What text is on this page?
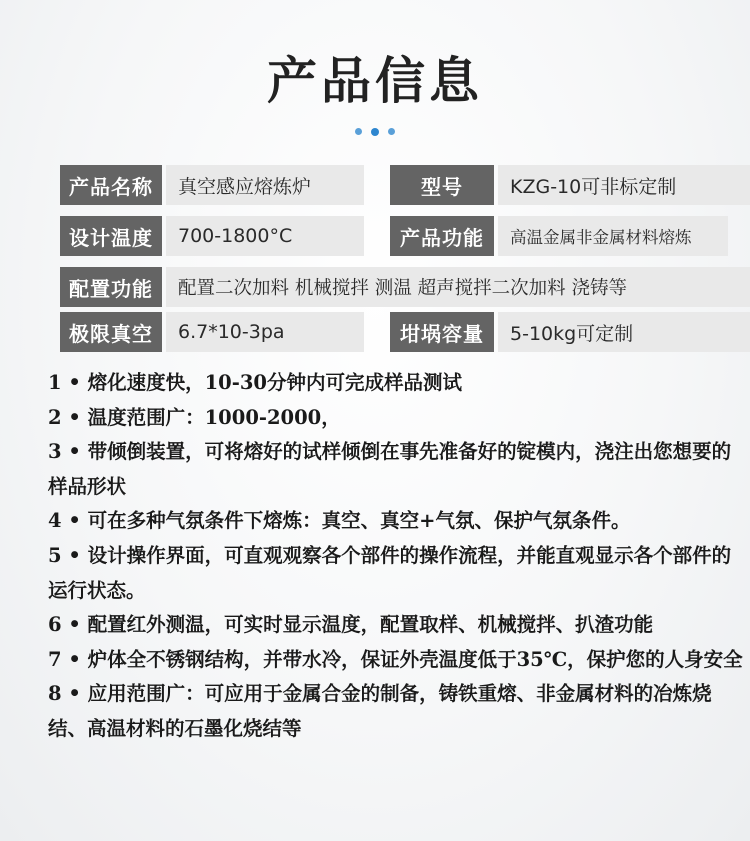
产品信息
产品名称	真空感应熔炼炉	型号	KZG-10可非标定制
设计温度	700-1800°C	产品功能	高温金属非金属材料熔炼
配置功能	配置二次加料 机械搅拌 测温 超声搅拌二次加料 浇铸等
极限真空	6.7*10-3pa	坩埚容量	5-10kg可定制

1 • 熔化速度快，10-30分钟内可完成样品测试

2 • 温度范围广：1000-2000，

3 • 带倾倒装置，可将熔好的试样倾倒在事先准备好的锭模内，浇注出您想要的样品形状

4 • 可在多种气氛条件下熔炼：真空、真空+气氛、保护气氛条件。

5 • 设计操作界面，可直观观察各个部件的操作流程，并能直观显示各个部件的运行状态。

6 • 配置红外测温，可实时显示温度，配置取样、机械搅拌、扒渣功能

7 • 炉体全不锈钢结构，并带水冷，保证外壳温度低于35℃，保护您的人身安全

8 • 应用范围广：可应用于金属合金的制备，铸铁重熔、非金属材料的冶炼烧结、高温材料的石墨化烧结等
